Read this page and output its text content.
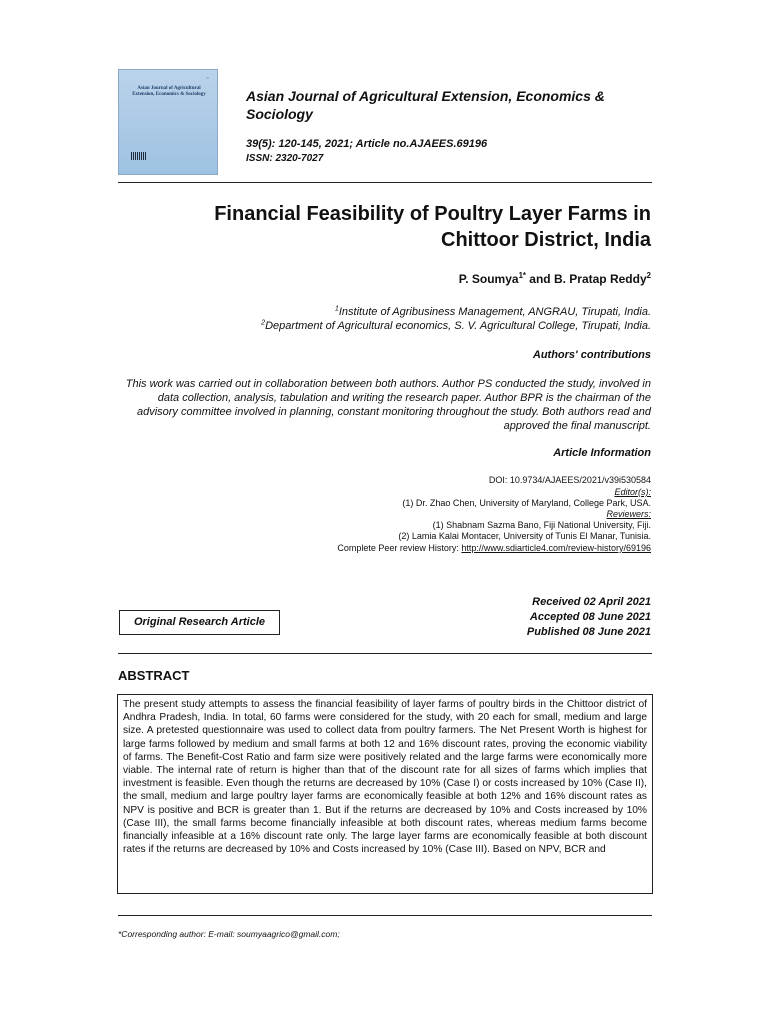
▭
Asian Journal of Agricultural Extension, Economics & Sociology	Asian Journal of Agricultural Extension, Economics & Sociology
39(5): 120-145, 2021; Article no.AJAEES.69196
ISSN: 2320-7027
Financial Feasibility of Poultry Layer Farms in
Chittoor District, India
P. Soumya$^{1*}$ and B. Pratap Reddy$^2$
$^1$Institute of Agribusiness Management, ANGRAU, Tirupati, India.
$^2$Department of Agricultural economics, S. V. Agricultural College, Tirupati, India.
Authors' contributions
This work was carried out in collaboration between both authors. Author PS conducted the study, involved in data collection, analysis, tabulation and writing the research paper. Author BPR is the chairman of the advisory committee involved in planning, constant monitoring throughout the study. Both authors read and approved the final manuscript.
Article Information
DOI: 10.9734/AJAEES/2021/v39i530584
Editor(s):
(1) Dr. Zhao Chen, University of Maryland, College Park, USA.
Reviewers:
(1) Shabnam Sazma Bano, Fiji National University, Fiji.
(2) Lamia Kalai Montacer, University of Tunis El Manar, Tunisia.
Complete Peer review History: http://www.sdiarticle4.com/review-history/69196
Original Research Article
Received 02 April 2021
Accepted 08 June 2021
Published 08 June 2021
ABSTRACT
The present study attempts to assess the financial feasibility of layer farms of poultry birds in the Chittoor district of Andhra Pradesh, India. In total, 60 farms were considered for the study, with 20 each for small, medium and large size. A pretested questionnaire was used to collect data from poultry farmers. The Net Present Worth is highest for large farms followed by medium and small farms at both 12 and 16% discount rates, proving the economic viability of farms. The Benefit-Cost Ratio and farm size were positively related and the large farms were economically more viable. The internal rate of return is higher than that of the discount rate for all sizes of farms which implies that investment is feasible. Even though the returns are decreased by 10% (Case I) or costs increased by 10% (Case II), the small, medium and large poultry layer farms are economically feasible at both 12% and 16% discount rates as NPV is positive and BCR is greater than 1. But if the returns are decreased by 10% and Costs increased by 10% (Case III), the small farms become financially infeasible at both discount rates, whereas medium farms become financially infeasible at a 16% discount rate only. The large layer farms are economically feasible at both discount rates if the returns are decreased by 10% and Costs increased by 10% (Case III). Based on NPV, BCR and
*Corresponding author: E-mail: soumyaagrico@gmail.com;
